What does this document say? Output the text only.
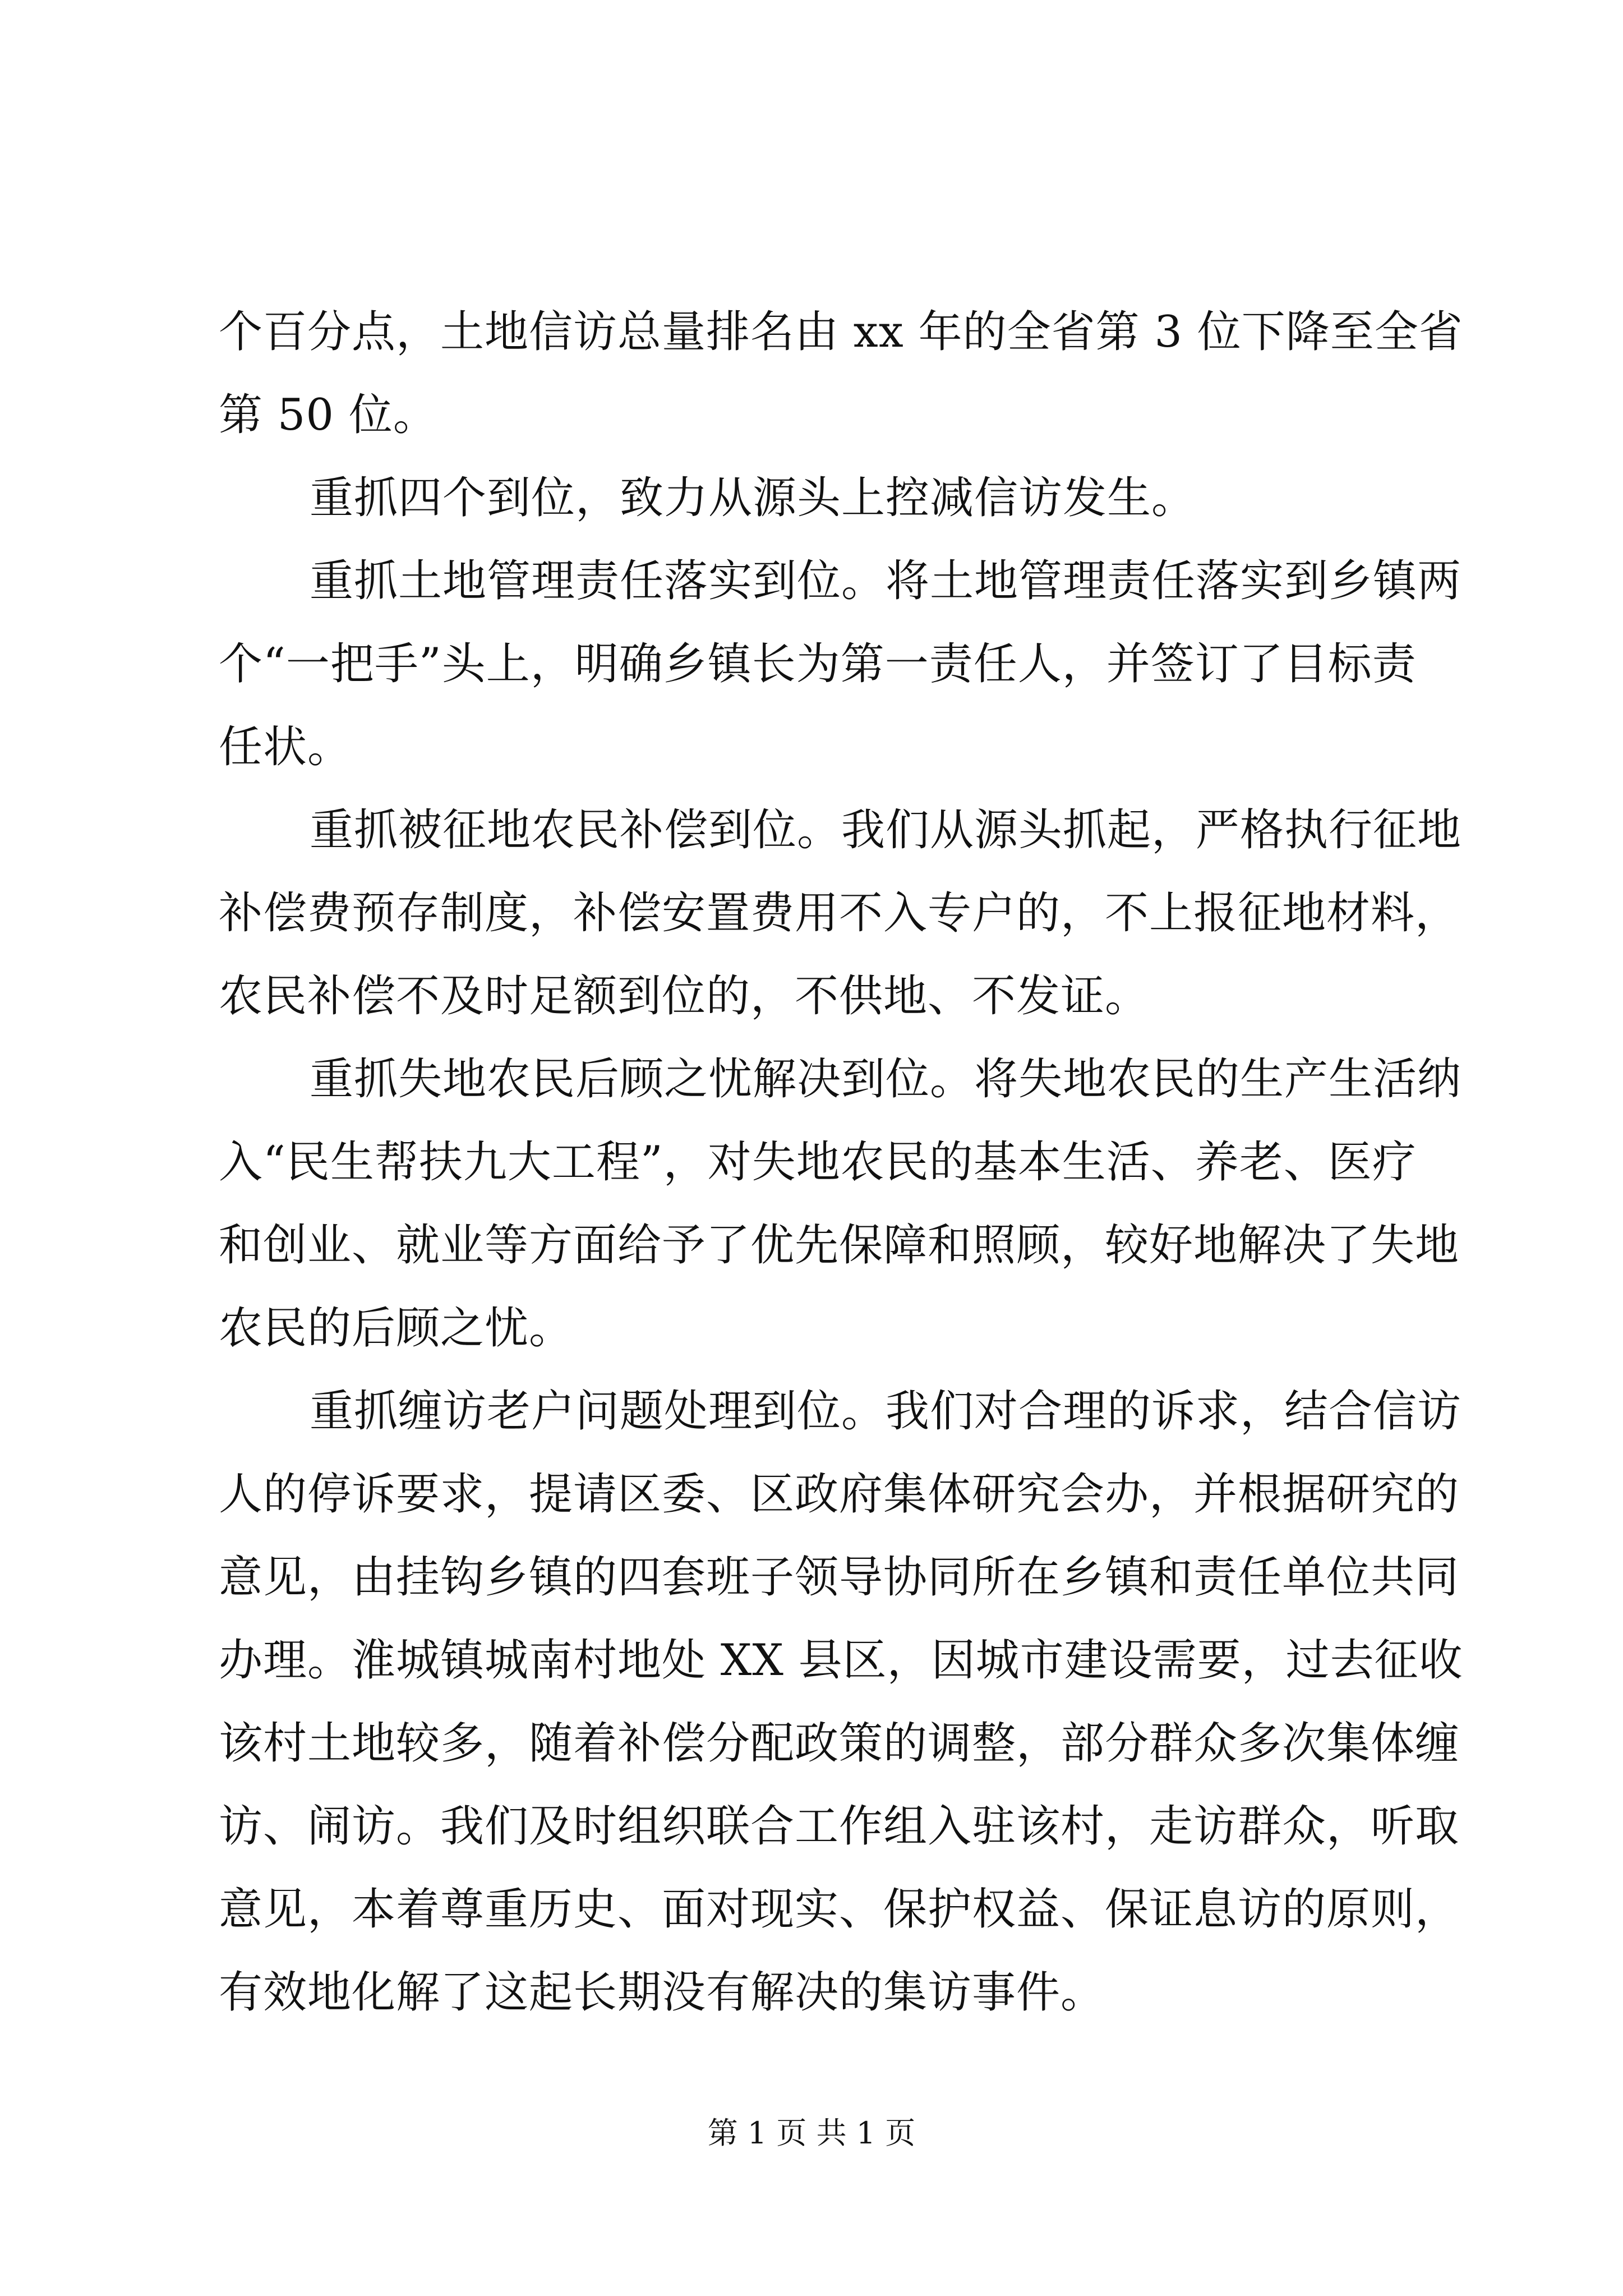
个百分点，土地信访总量排名由 xx 年的全省第 3 位下降至全省
第 50 位。
重抓四个到位，致力从源头上控减信访发生。
重抓土地管理责任落实到位。将土地管理责任落实到乡镇两
个“一把手”头上，明确乡镇长为第一责任人，并签订了目标责
任状。
重抓被征地农民补偿到位。我们从源头抓起，严格执行征地
补偿费预存制度，补偿安置费用不入专户的，不上报征地材料，
农民补偿不及时足额到位的，不供地、不发证。
重抓失地农民后顾之忧解决到位。将失地农民的生产生活纳
入“民生帮扶九大工程”，对失地农民的基本生活、养老、医疗
和创业、就业等方面给予了优先保障和照顾，较好地解决了失地
农民的后顾之忧。
重抓缠访老户问题处理到位。我们对合理的诉求，结合信访
人的停诉要求，提请区委、区政府集体研究会办，并根据研究的
意见，由挂钩乡镇的四套班子领导协同所在乡镇和责任单位共同
办理。淮城镇城南村地处 XX 县区，因城市建设需要，过去征收
该村土地较多，随着补偿分配政策的调整，部分群众多次集体缠
访、闹访。我们及时组织联合工作组入驻该村，走访群众，听取
意见，本着尊重历史、面对现实、保护权益、保证息访的原则，
有效地化解了这起长期没有解决的集访事件。
第 1 页 共 1 页
